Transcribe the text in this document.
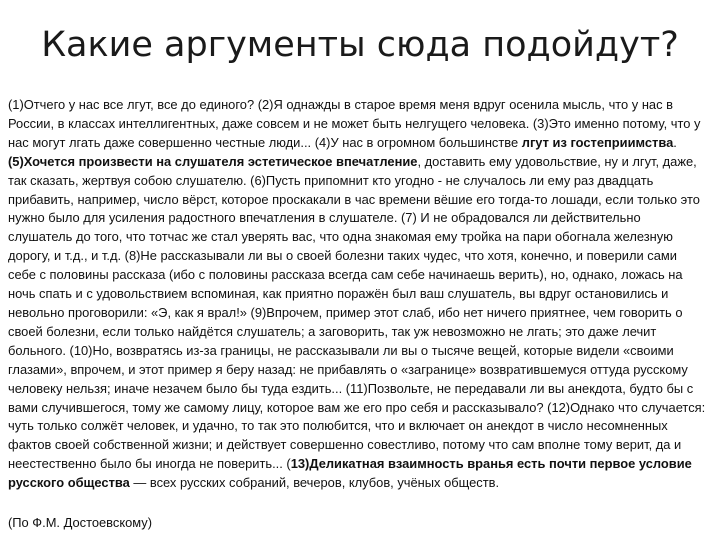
Какие аргументы сюда подойдут?

(1)Отчего у нас все лгут, все до единого? (2)Я однажды в старое время меня вдруг осенила мысль, что у нас в России, в классах интеллигентных, даже совсем и не может быть нелгущего человека. (3)Это именно потому, что у нас могут лгать даже совершенно честные люди... (4)У нас в огромном большинстве лгут из гостеприимства. (5)Хочется произвести на слушателя эстетическое впечатление, доставить ему удовольствие, ну и лгут, даже, так сказать, жертвуя собою слушателю. (6)Пусть припомнит кто угодно - не случалось ли ему раз двадцать прибавить, например, число вёрст, которое проскакали в час времени вёшие его тогда-то лошади, если только это нужно было для усиления радостного впечатления в слушателе. (7) И не обрадовался ли действительно слушатель до того, что тотчас же стал уверять вас, что одна знакомая ему тройка на пари обогнала железную дорогу, и т.д., и т.д. (8)Не рассказывали ли вы о своей болезни таких чудес, что хотя, конечно, и поверили сами себе с половины рассказа (ибо с половины рассказа всегда сам себе начинаешь верить), но, однако, ложась на ночь спать и с удовольствием вспоминая, как приятно поражён был ваш слушатель, вы вдруг остановились и невольно проговорили: «Э, как я врал!» (9)Впрочем, пример этот слаб, ибо нет ничего приятнее, чем говорить о своей болезни, если только найдётся слушатель; а заговорить, так уж невозможно не лгать; это даже лечит больного. (10)Но, возвратясь из-за границы, не рассказывали ли вы о тысяче вещей, которые видели «своими глазами», впрочем, и этот пример я беру назад: не прибавлять о «загранице» возвратившемуся оттуда русскому человеку нельзя; иначе незачем было бы туда ездить... (11)Позвольте, не передавали ли вы анекдота, будто бы с вами случившегося, тому же самому лицу, которое вам же его про себя и рассказывало? (12)Однако что случается: чуть только солжёт человек, и удачно, то так это полюбится, что и включает он анекдот в число несомненных фактов своей собственной жизни; и действует совершенно совестливо, потому что сам вполне тому верит, да и неестественно было бы иногда не поверить... (13)Деликатная взаимность вранья есть почти первое условие русского общества — всех русских собраний, вечеров, клубов, учёных обществ.

(По Ф.М. Достоевскому)
